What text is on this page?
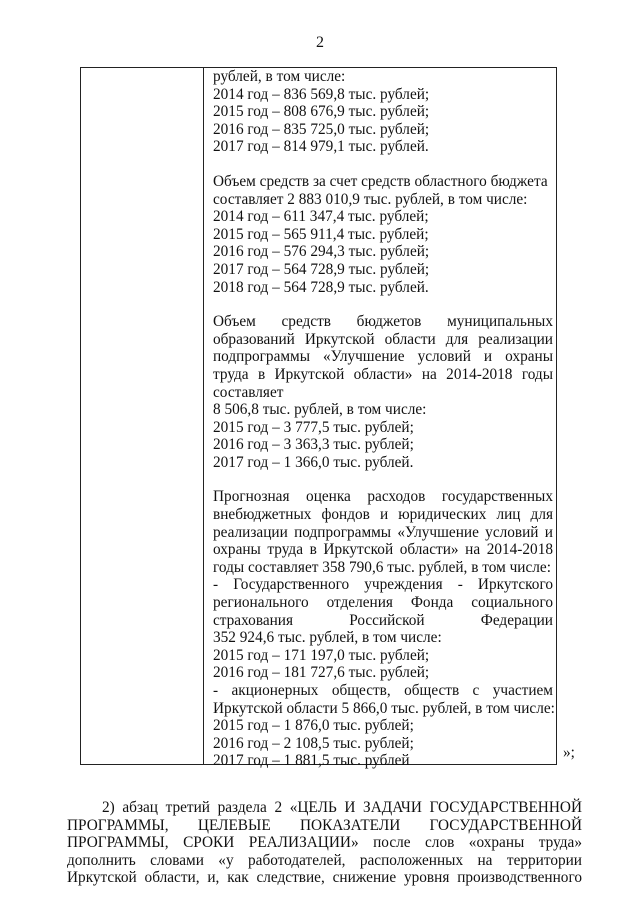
2
рублей, в том числе:
2014 год – 836 569,8 тыс. рублей;
2015 год – 808 676,9 тыс. рублей;
2016 год – 835 725,0 тыс. рублей;
2017 год – 814 979,1 тыс. рублей.
Объем средств за счет средств областного бюджета
составляет 2 883 010,9 тыс. рублей, в том числе:
2014 год – 611 347,4 тыс. рублей;
2015 год – 565 911,4 тыс. рублей;
2016 год – 576 294,3 тыс. рублей;
2017 год – 564 728,9 тыс. рублей;
2018 год – 564 728,9 тыс. рублей.
Объем средств бюджетов муниципальных
образований Иркутской области для реализации
подпрограммы «Улучшение условий и охраны
труда в Иркутской области» на 2014-2018 годы
составляет
8 506,8 тыс. рублей, в том числе:
2015 год – 3 777,5 тыс. рублей;
2016 год – 3 363,3 тыс. рублей;
2017 год – 1 366,0 тыс. рублей.
Прогнозная оценка расходов государственных
внебюджетных фондов и юридических лиц для
реализации подпрограммы «Улучшение условий и
охраны труда в Иркутской области» на 2014-2018
годы составляет 358 790,6 тыс. рублей, в том числе:
- Государственного учреждения - Иркутского
регионального отделения Фонда социального
страхования Российской Федерации
352 924,6 тыс. рублей, в том числе:
2015 год – 171 197,0 тыс. рублей;
2016 год – 181 727,6 тыс. рублей;
- акционерных обществ, обществ с участием
Иркутской области 5 866,0 тыс. рублей, в том числе:
2015 год – 1 876,0 тыс. рублей;
2016 год – 2 108,5 тыс. рублей;
2017 год – 1 881,5 тыс. рублей	»;
2) абзац третий раздела 2 «ЦЕЛЬ И ЗАДАЧИ ГОСУДАРСТВЕННОЙ
ПРОГРАММЫ, ЦЕЛЕВЫЕ ПОКАЗАТЕЛИ ГОСУДАРСТВЕННОЙ
ПРОГРАММЫ, СРОКИ РЕАЛИЗАЦИИ» после слов «охраны труда»
дополнить словами «у работодателей, расположенных на территории
Иркутской области, и, как следствие, снижение уровня производственного
